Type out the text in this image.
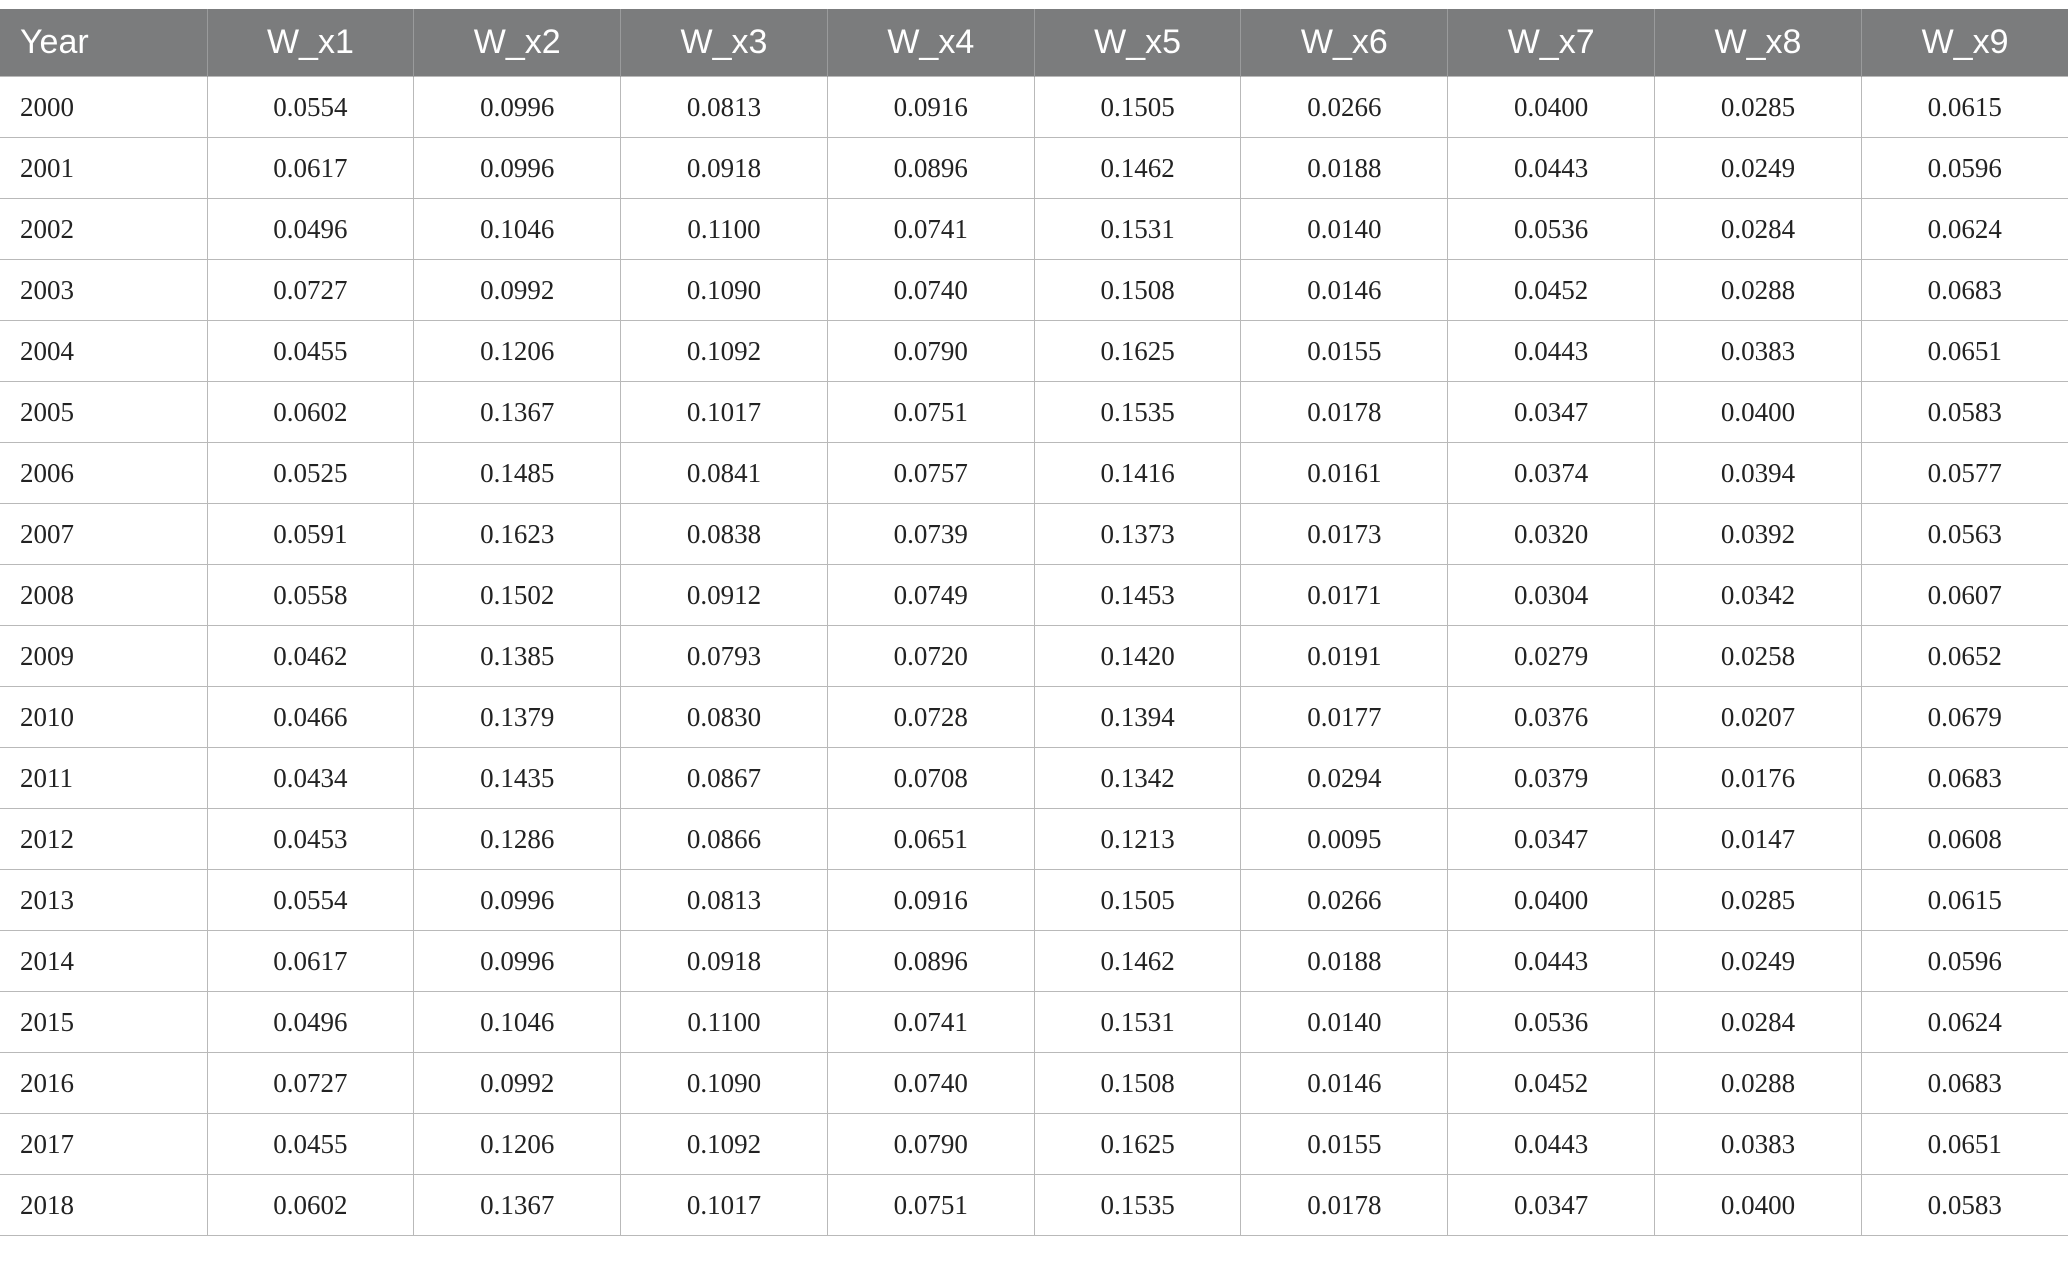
Year	W_x1	W_x2	W_x3	W_x4	W_x5	W_x6	W_x7	W_x8	W_x9
2000	0.0554	0.0996	0.0813	0.0916	0.1505	0.0266	0.0400	0.0285	0.0615
2001	0.0617	0.0996	0.0918	0.0896	0.1462	0.0188	0.0443	0.0249	0.0596
2002	0.0496	0.1046	0.1100	0.0741	0.1531	0.0140	0.0536	0.0284	0.0624
2003	0.0727	0.0992	0.1090	0.0740	0.1508	0.0146	0.0452	0.0288	0.0683
2004	0.0455	0.1206	0.1092	0.0790	0.1625	0.0155	0.0443	0.0383	0.0651
2005	0.0602	0.1367	0.1017	0.0751	0.1535	0.0178	0.0347	0.0400	0.0583
2006	0.0525	0.1485	0.0841	0.0757	0.1416	0.0161	0.0374	0.0394	0.0577
2007	0.0591	0.1623	0.0838	0.0739	0.1373	0.0173	0.0320	0.0392	0.0563
2008	0.0558	0.1502	0.0912	0.0749	0.1453	0.0171	0.0304	0.0342	0.0607
2009	0.0462	0.1385	0.0793	0.0720	0.1420	0.0191	0.0279	0.0258	0.0652
2010	0.0466	0.1379	0.0830	0.0728	0.1394	0.0177	0.0376	0.0207	0.0679
2011	0.0434	0.1435	0.0867	0.0708	0.1342	0.0294	0.0379	0.0176	0.0683
2012	0.0453	0.1286	0.0866	0.0651	0.1213	0.0095	0.0347	0.0147	0.0608
2013	0.0554	0.0996	0.0813	0.0916	0.1505	0.0266	0.0400	0.0285	0.0615
2014	0.0617	0.0996	0.0918	0.0896	0.1462	0.0188	0.0443	0.0249	0.0596
2015	0.0496	0.1046	0.1100	0.0741	0.1531	0.0140	0.0536	0.0284	0.0624
2016	0.0727	0.0992	0.1090	0.0740	0.1508	0.0146	0.0452	0.0288	0.0683
2017	0.0455	0.1206	0.1092	0.0790	0.1625	0.0155	0.0443	0.0383	0.0651
2018	0.0602	0.1367	0.1017	0.0751	0.1535	0.0178	0.0347	0.0400	0.0583
